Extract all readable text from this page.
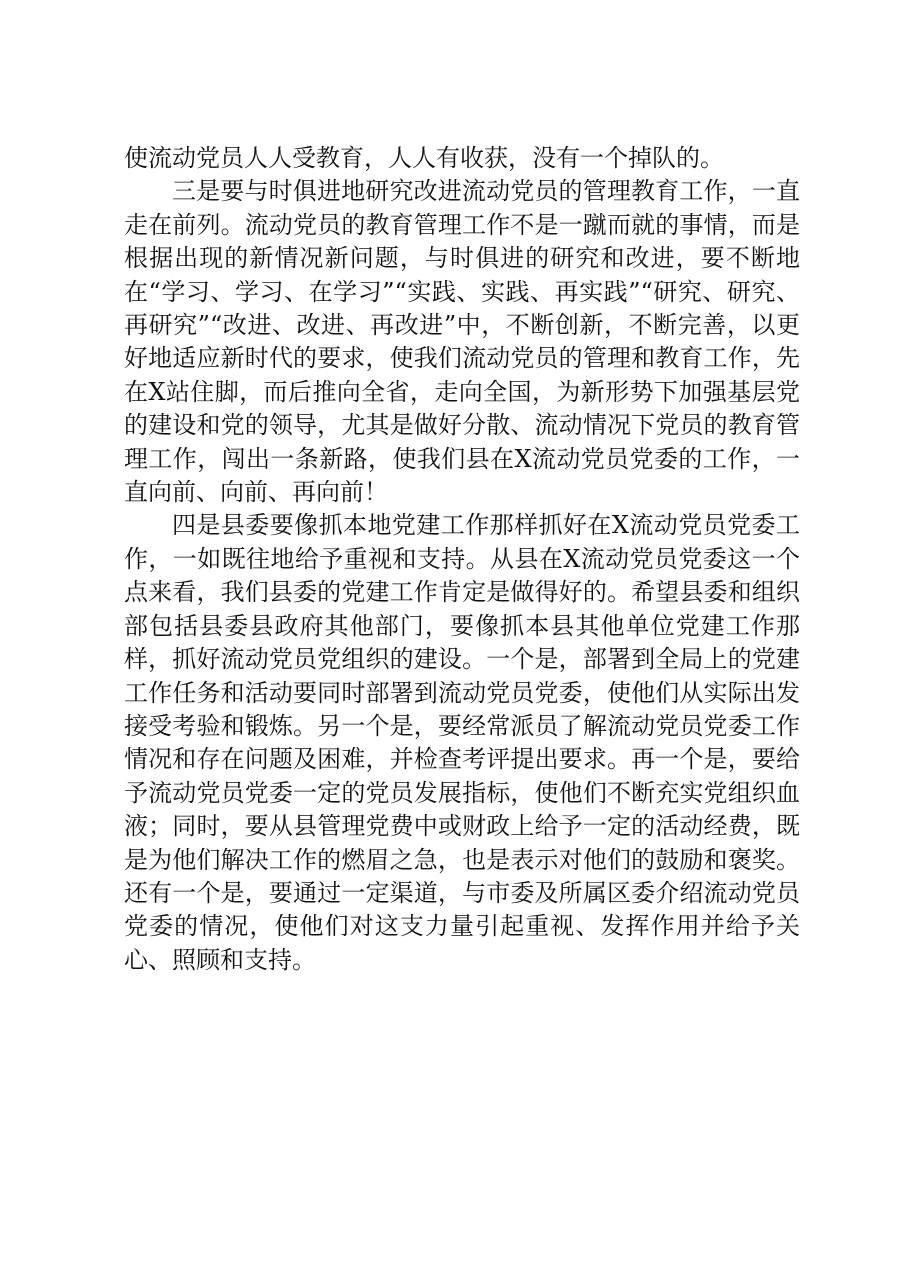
使流动党员人人受教育，人人有收获，没有一个掉队的。

三是要与时俱进地研究改进流动党员的管理教育工作，一直走在前列。流动党员的教育管理工作不是一蹴而就的事情，而是根据出现的新情况新问题，与时俱进的研究和改进，要不断地在“学习、学习、在学习”“实践、实践、再实践”“研究、研究、再研究”“改进、改进、再改进”中，不断创新，不断完善，以更好地适应新时代的要求，使我们流动党员的管理和教育工作，先在X站住脚，而后推向全省，走向全国，为新形势下加强基层党的建设和党的领导，尤其是做好分散、流动情况下党员的教育管理工作，闯出一条新路，使我们县在X流动党员党委的工作，一直向前、向前、再向前！

四是县委要像抓本地党建工作那样抓好在X流动党员党委工作，一如既往地给予重视和支持。从县在X流动党员党委这一个点来看，我们县委的党建工作肯定是做得好的。希望县委和组织部包括县委县政府其他部门，要像抓本县其他单位党建工作那样，抓好流动党员党组织的建设。一个是，部署到全局上的党建工作任务和活动要同时部署到流动党员党委，使他们从实际出发接受考验和锻炼。另一个是，要经常派员了解流动党员党委工作情况和存在问题及困难，并检查考评提出要求。再一个是，要给予流动党员党委一定的党员发展指标，使他们不断充实党组织血液；同时，要从县管理党费中或财政上给予一定的活动经费，既是为他们解决工作的燃眉之急，也是表示对他们的鼓励和褒奖。还有一个是，要通过一定渠道，与市委及所属区委介绍流动党员党委的情况，使他们对这支力量引起重视、发挥作用并给予关心、照顾和支持。
